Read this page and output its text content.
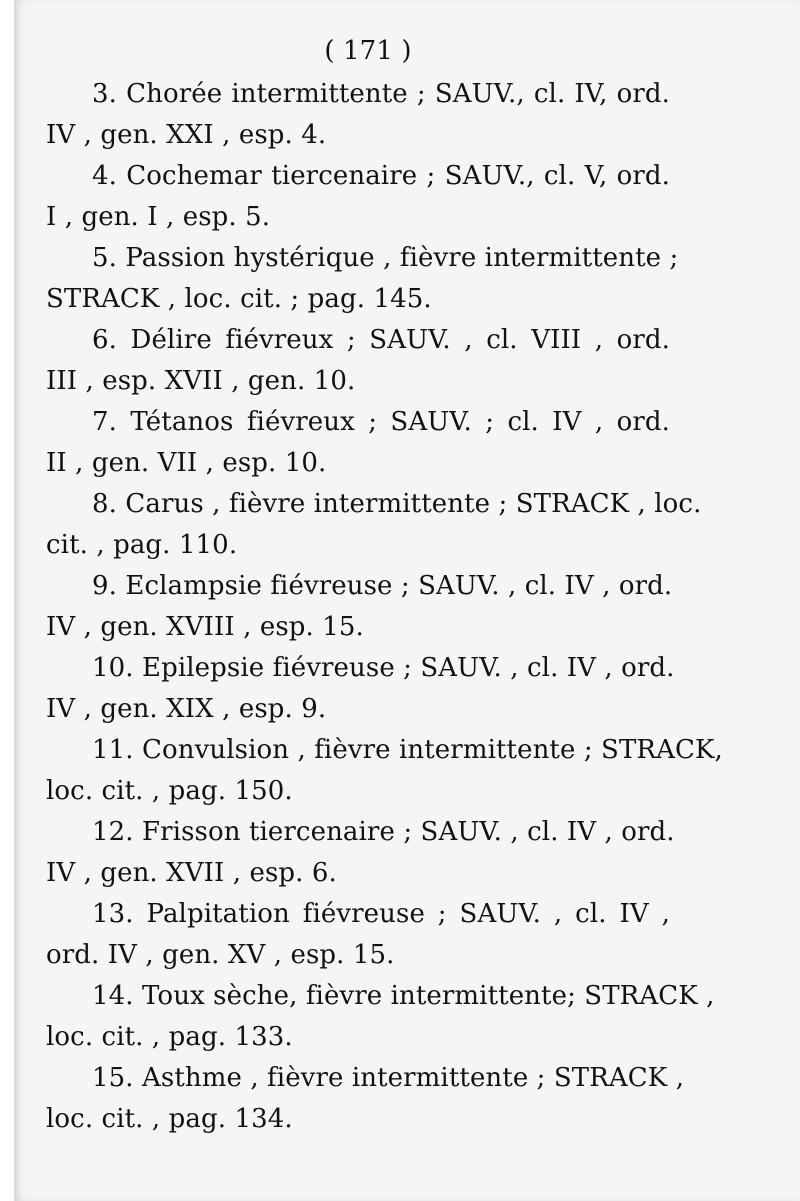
( 171 )

3. Chorée intermittente ; SAUV., cl. IV, ord.
IV , gen. XXI , esp. 4.

4. Cochemar tiercenaire ; SAUV., cl. V, ord.
I , gen. I , esp. 5.

5. Passion hystérique , fièvre intermittente ;
STRACK , loc. cit. ; pag. 145.

6. Délire fiévreux ; SAUV. , cl. VIII , ord.
III , esp. XVII , gen. 10.

7. Tétanos fiévreux ; SAUV. ; cl. IV , ord.
II , gen. VII , esp. 10.

8. Carus , fièvre intermittente ; STRACK , loc.
cit. , pag. 110.

9. Eclampsie fiévreuse ; SAUV. , cl. IV , ord.
IV , gen. XVIII , esp. 15.

10. Epilepsie fiévreuse ; SAUV. , cl. IV , ord.
IV , gen. XIX , esp. 9.

11. Convulsion , fièvre intermittente ; STRACK,
loc. cit. , pag. 150.

12. Frisson tiercenaire ; SAUV. , cl. IV , ord.
IV , gen. XVII , esp. 6.

13. Palpitation fiévreuse ; SAUV. , cl. IV ,
ord. IV , gen. XV , esp. 15.

14. Toux sèche, fièvre intermittente; STRACK ,
loc. cit. , pag. 133.

15. Asthme , fièvre intermittente ; STRACK ,
loc. cit. , pag. 134.
